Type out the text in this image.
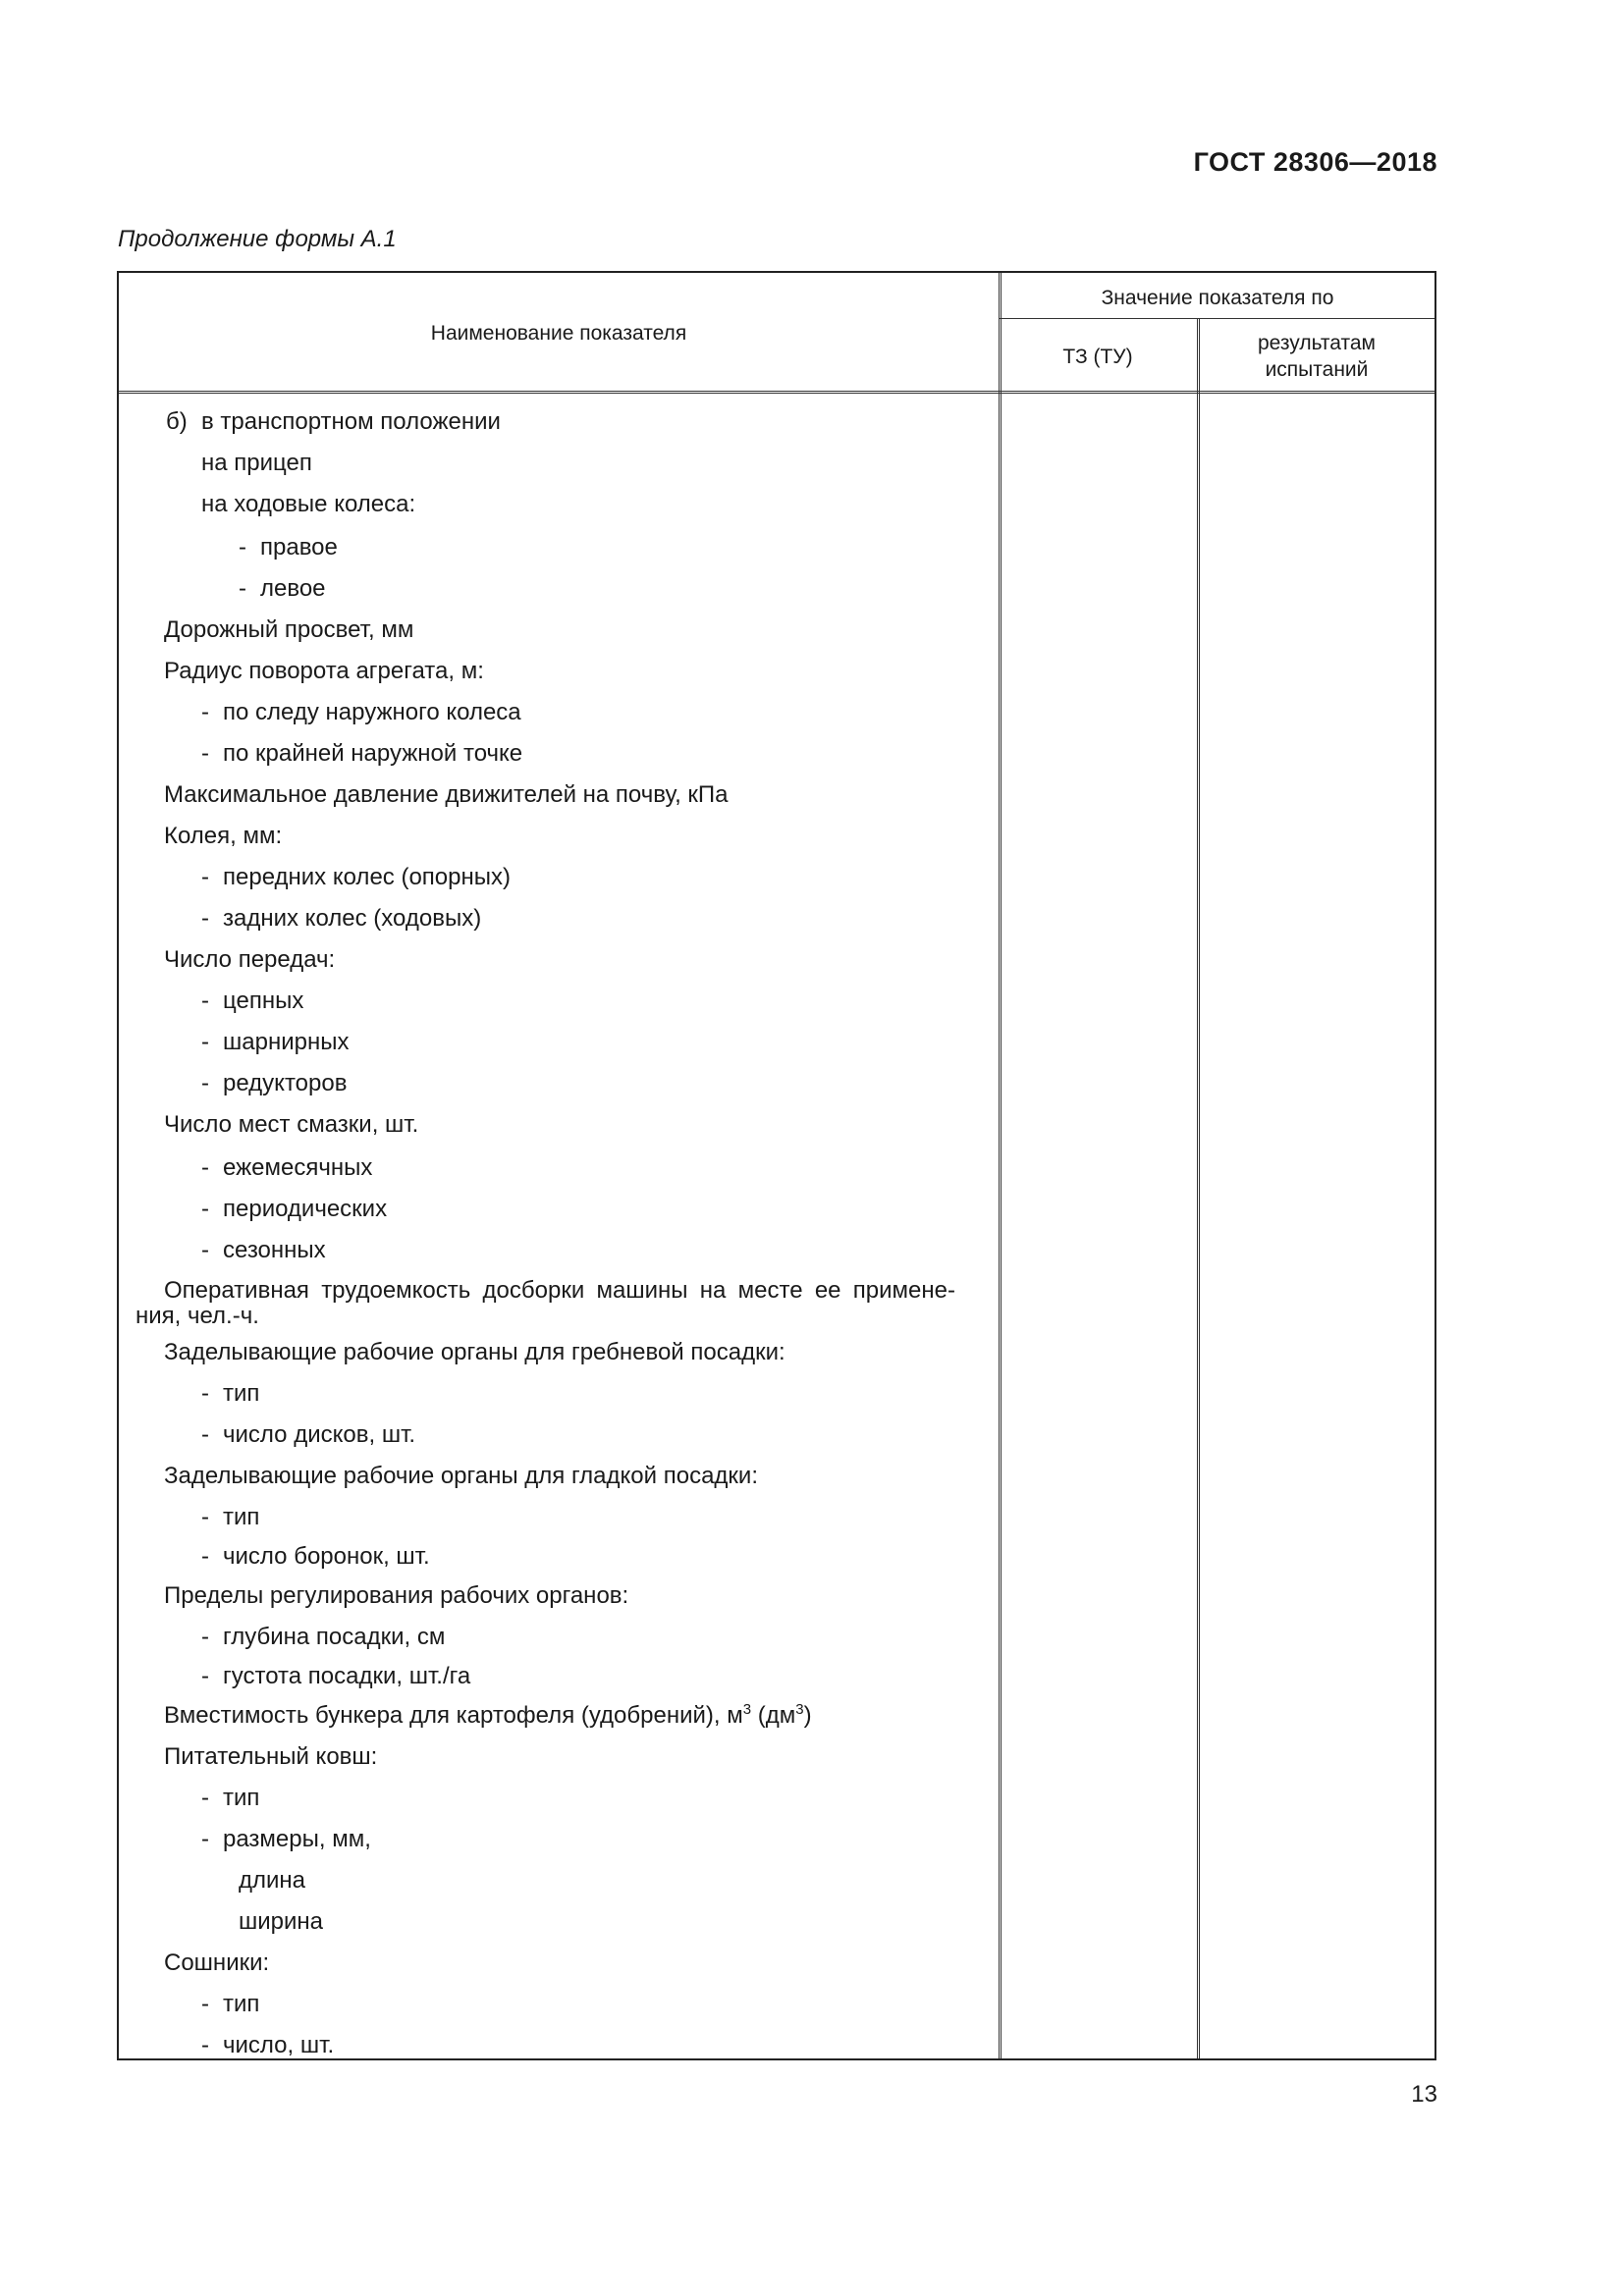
ГОСТ 28306—2018
Продолжение формы А.1
Наименование показателя
Значение показателя по
ТЗ (ТУ)
результатам
испытаний
б) в транспортном положении
на прицеп
на ходовые колеса:
- правое
- левое
Дорожный просвет, мм
Радиус поворота агрегата, м:
- по следу наружного колеса
- по крайней наружной точке
Максимальное давление движителей на почву, кПа
Колея, мм:
- передних колес (опорных)
- задних колес (ходовых)
Число передач:
- цепных
- шарнирных
- редукторов
Число мест смазки, шт.
- ежемесячных
- периодических
- сезонных
Оперативная трудоемкость досборки машины на месте ее примене-ния, чел.-ч.
Заделывающие рабочие органы для гребневой посадки:
- тип
- число дисков, шт.
Заделывающие рабочие органы для гладкой посадки:
- тип
- число боронок, шт.
Пределы регулирования рабочих органов:
- глубина посадки, см
- густота посадки, шт./га
Вместимость бункера для картофеля (удобрений), $м^3$ $(дм^3)$
Питательный ковш:
- тип
- размеры, мм,
длина
ширина
Сошники:
- тип
- число, шт.
13
